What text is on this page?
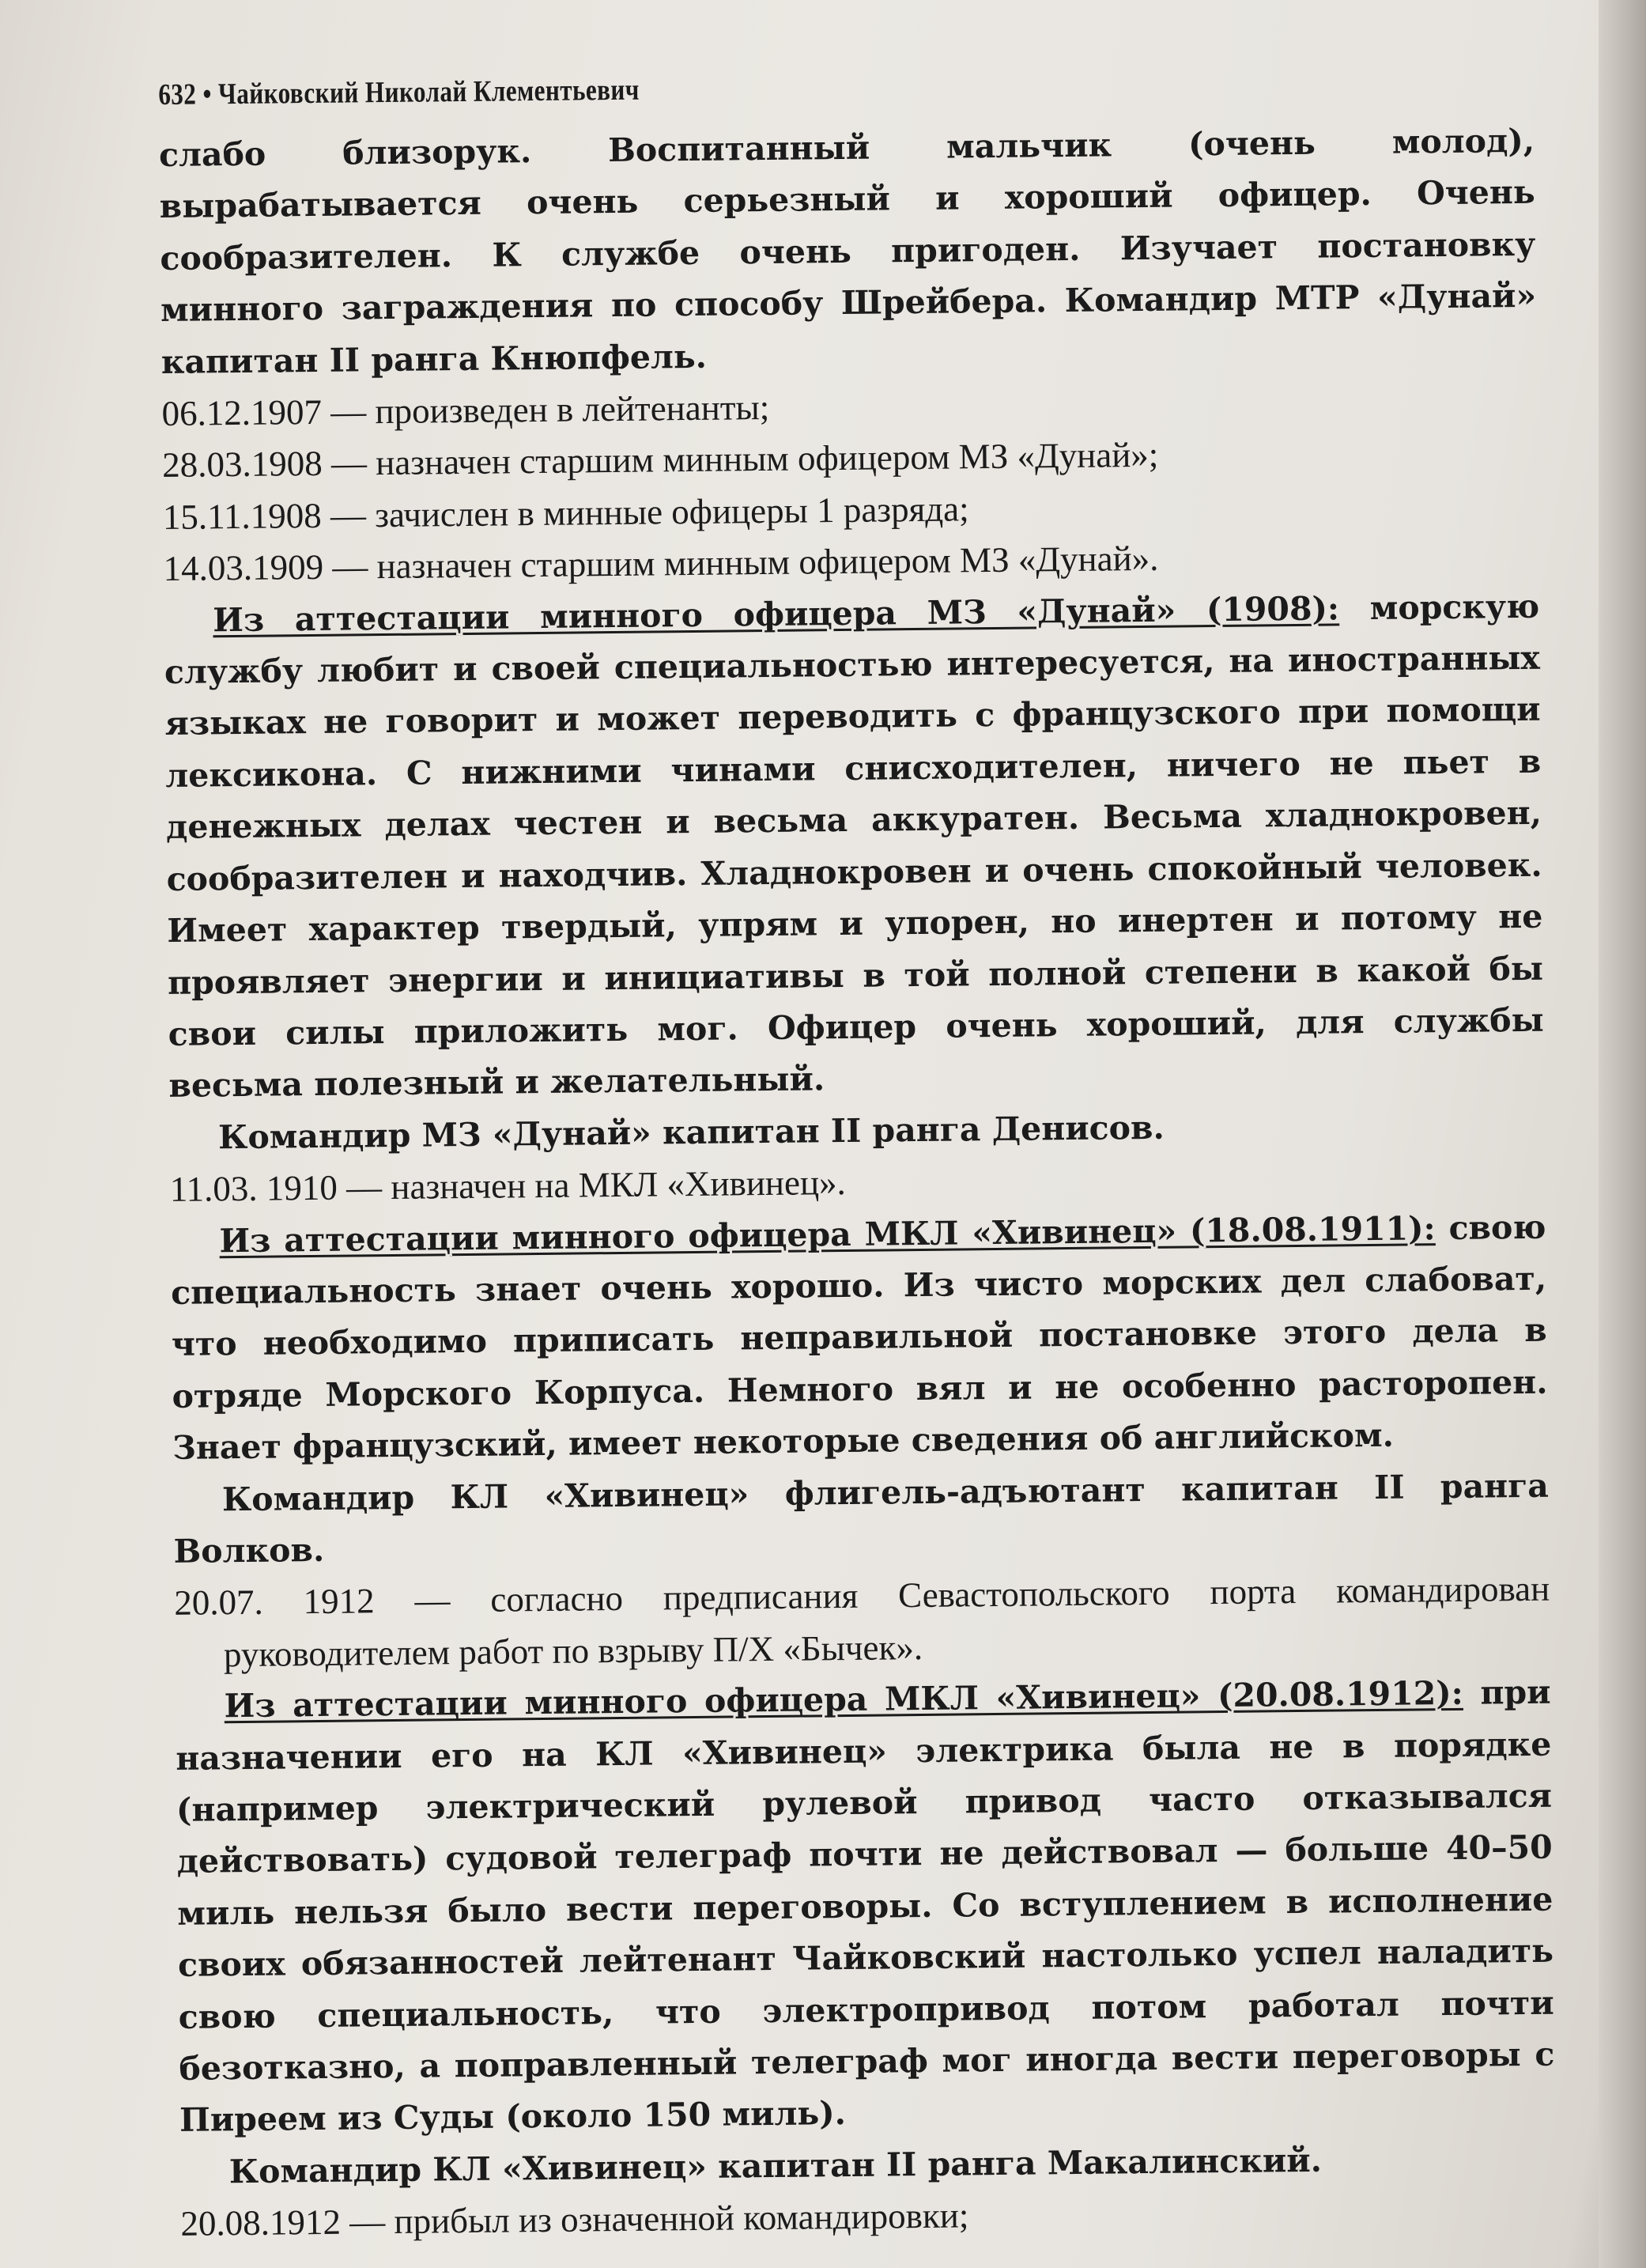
632 • Чайковский Николай Клементьевич

слабо близорук. Воспитанный мальчик (очень молод), вырабатывается очень серьезный и хороший офицер. Очень сообразителен. К службе очень пригоден. Изучает постановку минного заграждения по способу Шрейбера. Командир МТР «Дунай» капитан II ранга Кнюпфель.

06.12.1907 — произведен в лейтенанты;

28.03.1908 — назначен старшим минным офицером МЗ «Дунай»;

15.11.1908 — зачислен в минные офицеры 1 разряда;

14.03.1909 — назначен старшим минным офицером МЗ «Дунай».

Из аттестации минного офицера МЗ «Дунай» (1908): морскую службу любит и своей специальностью интересуется, на иностранных языках не говорит и может переводить с французского при помощи лексикона. С нижними чинами снисходителен, ничего не пьет в денежных делах честен и весьма аккуратен. Весьма хладнокровен, сообразителен и находчив. Хладнокровен и очень спокойный человек. Имеет характер твердый, упрям и упорен, но инертен и потому не проявляет энергии и инициативы в той полной степени в какой бы свои силы приложить мог. Офицер очень хороший, для службы весьма полезный и желательный.

Командир МЗ «Дунай» капитан II ранга Денисов.

11.03. 1910 — назначен на МКЛ «Хивинец».

Из аттестации минного офицера МКЛ «Хивинец» (18.08.1911): свою специальность знает очень хорошо. Из чисто морских дел слабоват, что необходимо приписать неправильной постановке этого дела в отряде Морского Корпуса. Немного вял и не особенно расторопен. Знает французский, имеет некоторые сведения об английском.

Командир КЛ «Хивинец» флигель-адъютант капитан II ранга Волков.

20.07. 1912 — согласно предписания Севастопольского порта командирован руководителем работ по взрыву П/Х «Бычек».

Из аттестации минного офицера МКЛ «Хивинец» (20.08.1912): при назначении его на КЛ «Хивинец» электрика была не в порядке (например электрический рулевой привод часто отказывался действовать) судовой телеграф почти не действовал — больше 40–50 миль нельзя было вести переговоры. Со вступлением в исполнение своих обязанностей лейтенант Чайковский настолько успел наладить свою специальность, что электропривод потом работал почти безотказно, а поправленный телеграф мог иногда вести переговоры с Пиреем из Суды (около 150 миль).

Командир КЛ «Хивинец» капитан II ранга Макалинский.

20.08.1912 — прибыл из означенной командировки;
